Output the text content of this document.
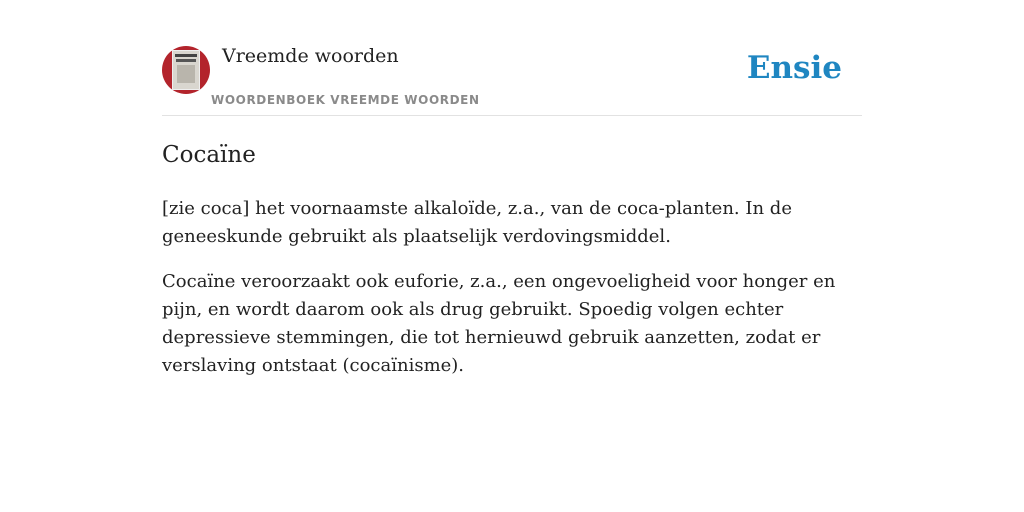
Vreemde woorden
WOORDENBOEK VREEMDE WOORDEN
Ensie
Cocaïne

[zie coca] het voornaamste alkaloïde, z.a., van de coca-planten. In de geneeskunde gebruikt als plaatselijk verdovingsmiddel.

Cocaïne veroorzaakt ook euforie, z.a., een ongevoeligheid voor honger en pijn, en wordt daarom ook als drug gebruikt. Spoedig volgen echter depressieve stemmingen, die tot hernieuwd gebruik aanzetten, zodat er verslaving ontstaat (cocaïnisme).
